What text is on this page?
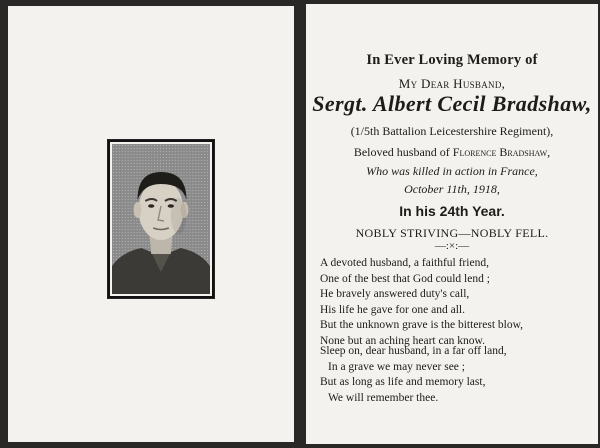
In Ever Loving Memory of
My Dear Husband,
Sergt. Albert Cecil Bradshaw,
(1/5th Battalion Leicestershire Regiment),
Beloved husband of Florence Bradshaw,
Who was killed in action in France,
October 11th, 1918,
In his 24th Year.
NOBLY STRIVING—NOBLY FELL.
—:×:—
A devoted husband, a faithful friend,
One of the best that God could lend ;
He bravely answered duty's call,
His life he gave for one and all.
But the unknown grave is the bitterest blow,
None but an aching heart can know.
Sleep on, dear husband, in a far off land,
In a grave we may never see ;
But as long as life and memory last,
We will remember thee.
